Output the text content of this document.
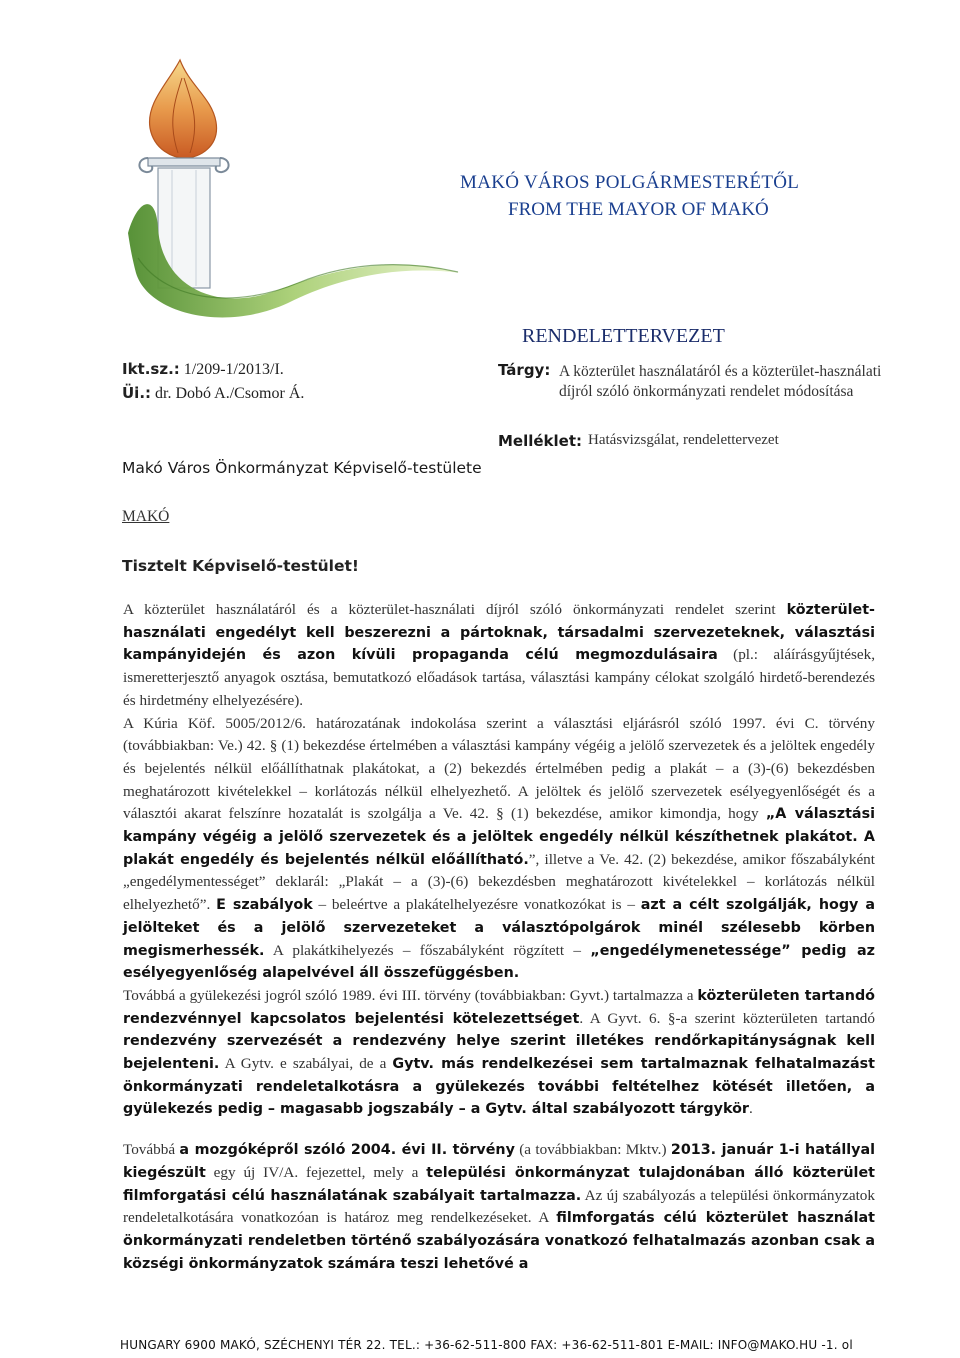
MAKÓ VÁROS POLGÁRMESTERÉTŐL
FROM THE MAYOR OF MAKÓ
RENDELETTERVEZET
Ikt.sz.: 1/209-1/2013/I.
Üi.: dr. Dobó A./Csomor Á.
Tárgy: A közterület használatáról és a közterület-használati díjról szóló önkormányzati rendelet módosítása
Melléklet: Hatásvizsgálat, rendelettervezet
Makó Város Önkormányzat Képviselő-testülete
MAKÓ
Tisztelt Képviselő-testület!

A közterület használatáról és a közterület-használati díjról szóló önkormányzati rendelet szerint közterület-használati engedélyt kell beszerezni a pártoknak, társadalmi szervezeteknek, választási kampányidején és azon kívüli propaganda célú megmozdulásaira (pl.: aláírásgyűjtések, ismeretterjesztő anyagok osztása, bemutatkozó előadások tartása, választási kampány célokat szolgáló hirdető-berendezés és hirdetmény elhelyezésére).

A Kúria Köf. 5005/2012/6. határozatának indokolása szerint a választási eljárásról szóló 1997. évi C. törvény (továbbiakban: Ve.) 42. § (1) bekezdése értelmében a választási kampány végéig a jelölő szervezetek és a jelöltek engedély és bejelentés nélkül előállíthatnak plakátokat, a (2) bekezdés értelmében pedig a plakát – a (3)-(6) bekezdésben meghatározott kivételekkel – korlátozás nélkül elhelyezhető. A jelöltek és jelölő szervezetek esélyegyenlőségét és a választói akarat felszínre hozatalát is szolgálja a Ve. 42. § (1) bekezdése, amikor kimondja, hogy „A választási kampány végéig a jelölő szervezetek és a jelöltek engedély nélkül készíthetnek plakátot. A plakát engedély és bejelentés nélkül előállítható.”, illetve a Ve. 42. (2) bekezdése, amikor főszabályként „engedélymentességet” deklarál: „Plakát – a (3)-(6) bekezdésben meghatározott kivételekkel – korlátozás nélkül elhelyezhető”. E szabályok – beleértve a plakátelhelyezésre vonatkozókat is – azt a célt szolgálják, hogy a jelölteket és a jelölő szervezeteket a választópolgárok minél szélesebb körben megismerhessék. A plakátkihelyezés – főszabályként rögzített – „engedélymenetessége” pedig az esélyegyenlőség alapelvével áll összefüggésben.

Továbbá a gyülekezési jogról szóló 1989. évi III. törvény (továbbiakban: Gyvt.) tartalmazza a közterületen tartandó rendezvénnyel kapcsolatos bejelentési kötelezettséget. A Gyvt. 6. §-a szerint közterületen tartandó rendezvény szervezését a rendezvény helye szerint illetékes rendőrkapitányságnak kell bejelenteni. A Gytv. e szabályai, de a Gytv. más rendelkezései sem tartalmaznak felhatalmazást önkormányzati rendeletalkotásra a gyülekezés további feltételhez kötését illetően, a gyülekezés pedig – magasabb jogszabály – a Gytv. által szabályozott tárgykör.

Továbbá a mozgóképről szóló 2004. évi II. törvény (a továbbiakban: Mktv.) 2013. január 1-i hatállyal kiegészült egy új IV/A. fejezettel, mely a települési önkormányzat tulajdonában álló közterület filmforgatási célú használatának szabályait tartalmazza. Az új szabályozás a települési önkormányzatok rendeletalkotására vonatkozóan is határoz meg rendelkezéseket. A filmforgatás célú közterület használat önkormányzati rendeletben történő szabályozására vonatkozó felhatalmazás azonban csak a községi önkormányzatok számára teszi lehetővé a

HUNGARY 6900 MAKÓ, SZÉCHENYI TÉR 22. TEL.: +36-62-511-800 FAX: +36-62-511-801 E-MAIL: INFO@MAKO.HU -1. ol
